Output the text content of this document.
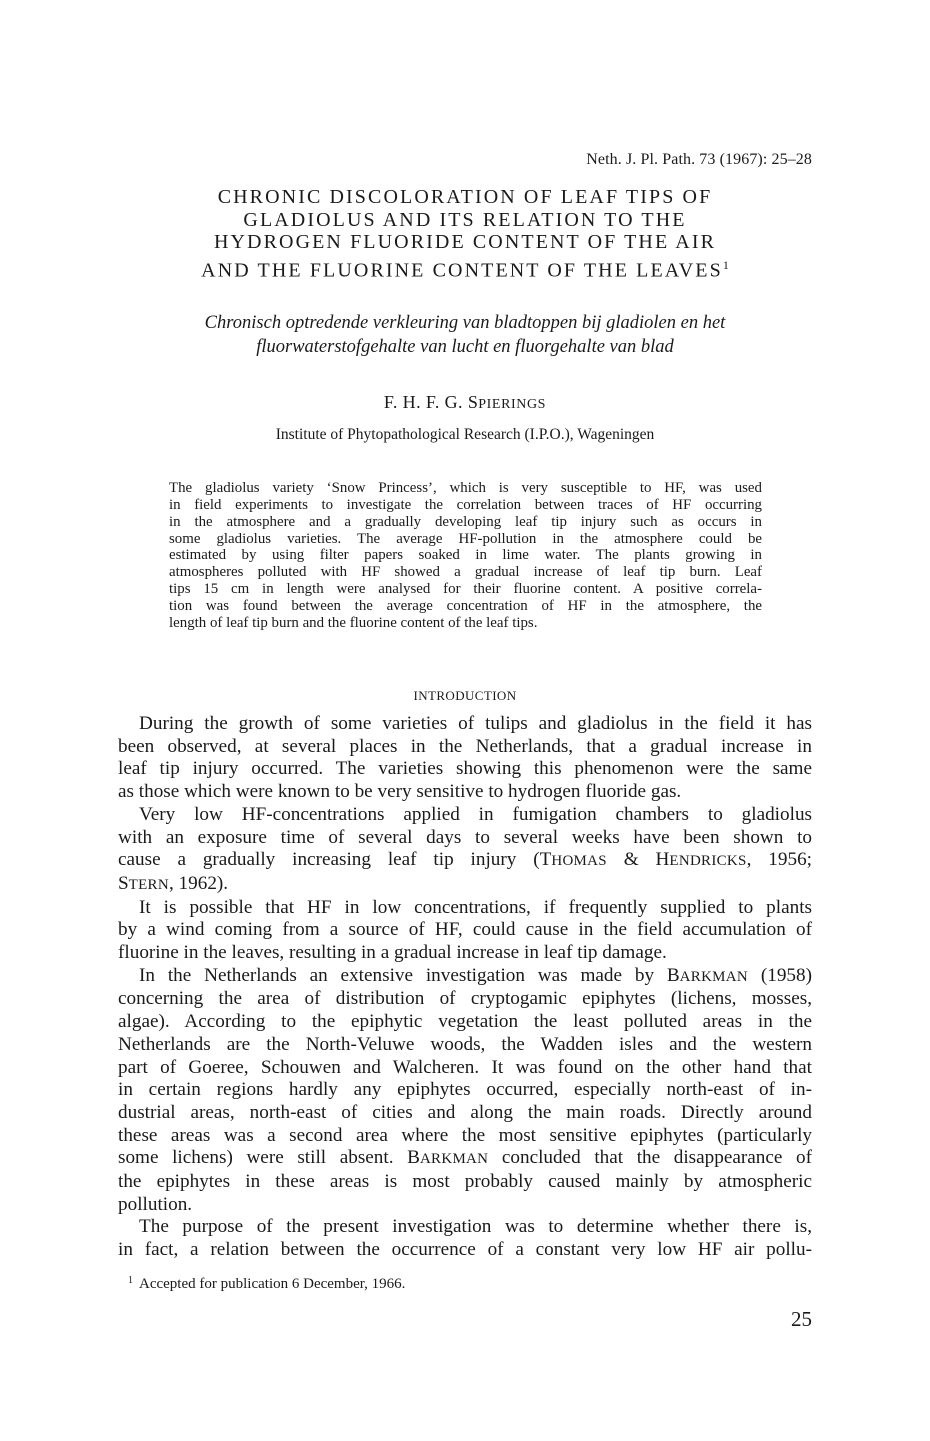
Neth. J. Pl. Path. 73 (1967): 25–28
CHRONIC DISCOLORATION OF LEAF TIPS OF
GLADIOLUS AND ITS RELATION TO THE
HYDROGEN FLUORIDE CONTENT OF THE AIR
AND THE FLUORINE CONTENT OF THE LEAVES$^1$
Chronisch optredende verkleuring van bladtoppen bij gladiolen en het
fluorwaterstofgehalte van lucht en fluorgehalte van blad
F. H. F. G. SPIERINGS
Institute of Phytopathological Research (I.P.O.), Wageningen
The gladiolus variety ‘Snow Princess’, which is very susceptible to HF, was used
in field experiments to investigate the correlation between traces of HF occurring
in the atmosphere and a gradually developing leaf tip injury such as occurs in
some gladiolus varieties. The average HF-pollution in the atmosphere could be
estimated by using filter papers soaked in lime water. The plants growing in
atmospheres polluted with HF showed a gradual increase of leaf tip burn. Leaf
tips 15 cm in length were analysed for their fluorine content. A positive correla-
tion was found between the average concentration of HF in the atmosphere, the
length of leaf tip burn and the fluorine content of the leaf tips.
INTRODUCTION
During the growth of some varieties of tulips and gladiolus in the field it has
been observed, at several places in the Netherlands, that a gradual increase in
leaf tip injury occurred. The varieties showing this phenomenon were the same
as those which were known to be very sensitive to hydrogen fluoride gas.
Very low HF-concentrations applied in fumigation chambers to gladiolus
with an exposure time of several days to several weeks have been shown to
cause a gradually increasing leaf tip injury (THOMAS & HENDRICKS, 1956;
STERN, 1962).
It is possible that HF in low concentrations, if frequently supplied to plants
by a wind coming from a source of HF, could cause in the field accumulation of
fluorine in the leaves, resulting in a gradual increase in leaf tip damage.
In the Netherlands an extensive investigation was made by BARKMAN (1958)
concerning the area of distribution of cryptogamic epiphytes (lichens, mosses,
algae). According to the epiphytic vegetation the least polluted areas in the
Netherlands are the North-Veluwe woods, the Wadden isles and the western
part of Goeree, Schouwen and Walcheren. It was found on the other hand that
in certain regions hardly any epiphytes occurred, especially north-east of in-
dustrial areas, north-east of cities and along the main roads. Directly around
these areas was a second area where the most sensitive epiphytes (particularly
some lichens) were still absent. BARKMAN concluded that the disappearance of
the epiphytes in these areas is most probably caused mainly by atmospheric
pollution.
The purpose of the present investigation was to determine whether there is,
in fact, a relation between the occurrence of a constant very low HF air pollu-
$^1$ Accepted for publication 6 December, 1966.
25
